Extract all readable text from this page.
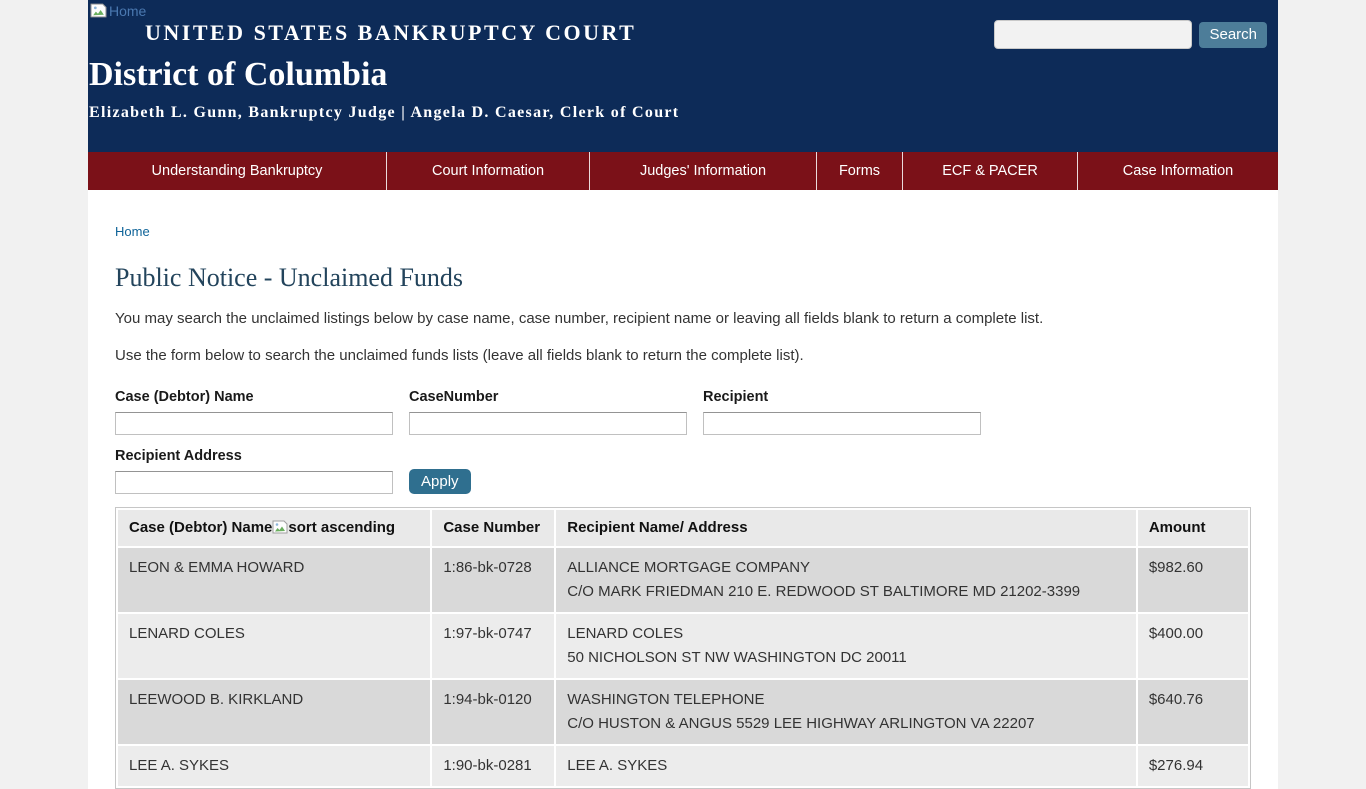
Home
UNITED STATES BANKRUPTCY COURT
District of Columbia
Elizabeth L. Gunn, Bankruptcy Judge | Angela D. Caesar, Clerk of Court
Search
Understanding Bankruptcy	Court Information	Judges' Information	Forms	ECF & PACER	Case Information
Home
Public Notice - Unclaimed Funds

You may search the unclaimed listings below by case name, case number, recipient name or leaving all fields blank to return a complete list.

Use the form below to search the unclaimed funds lists (leave all fields blank to return the complete list).

Case (Debtor) Name	CaseNumber	Recipient
Recipient Address
Apply
Case (Debtor) Name sort ascending	Case Number	Recipient Name/ Address	Amount
LEON & EMMA HOWARD	1:86-bk-0728	ALLIANCE MORTGAGE COMPANY
C/O MARK FRIEDMAN 210 E. REDWOOD ST BALTIMORE MD 21202-3399	$982.60
LENARD COLES	1:97-bk-0747	LENARD COLES
50 NICHOLSON ST NW WASHINGTON DC 20011	$400.00
LEEWOOD B. KIRKLAND	1:94-bk-0120	WASHINGTON TELEPHONE
C/O HUSTON & ANGUS 5529 LEE HIGHWAY ARLINGTON VA 22207	$640.76
LEE A. SYKES	1:90-bk-0281	LEE A. SYKES	$276.94
